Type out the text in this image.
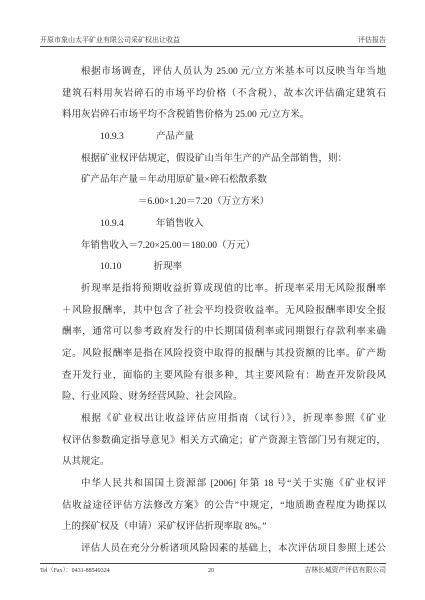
开原市象山太平矿业有限公司采矿权出让收益	评估报告
根据市场调查，评估人员认为 25.00 元/立方米基本可以反映当年当地
建筑石料用灰岩碎石的市场平均价格（不含税），故本次评估确定建筑石
料用灰岩碎石市场平均不含税销售价格为 25.00 元/立方米。
10.9.3	产品产量
根据矿业权评估规定，假设矿山当年生产的产品全部销售，则：
矿产品年产量＝年动用原矿量×碎石松散系数
＝6.00×1.20＝7.20（万立方米）
10.9.4	年销售收入
年销售收入＝7.20×25.00＝180.00（万元）
10.10	折现率
折现率是指将预期收益折算成现值的比率。折现率采用无风险报酬率
＋风险报酬率，其中包含了社会平均投资收益率。无风险报酬率即安全报
酬率，通常可以参考政府发行的中长期国债利率或同期银行存款利率来确
定。风险报酬率是指在风险投资中取得的报酬与其投资额的比率。矿产勘
查开发行业，面临的主要风险有很多种，其主要风险有：勘查开发阶段风
险、行业风险、财务经营风险、社会风险。
根据《矿业权出让收益评估应用指南（试行）》，折现率参照《矿业
权评估参数确定指导意见》相关方式确定；矿产资源主管部门另有规定的，
从其规定。
中华人民共和国国土资源部 [2006] 年第 18 号“关于实施《矿业权评
估收益途径评估方法修改方案》的公告”中规定，“地质勘查程度为勘探以
上的探矿权及（申请）采矿权评估折现率取 8%。”
评估人员在充分分析诸项风险因素的基础上，本次评估项目参照上述公
Tel（Fax）：0431-88549324	20	吉林长城资产评估有限公司
